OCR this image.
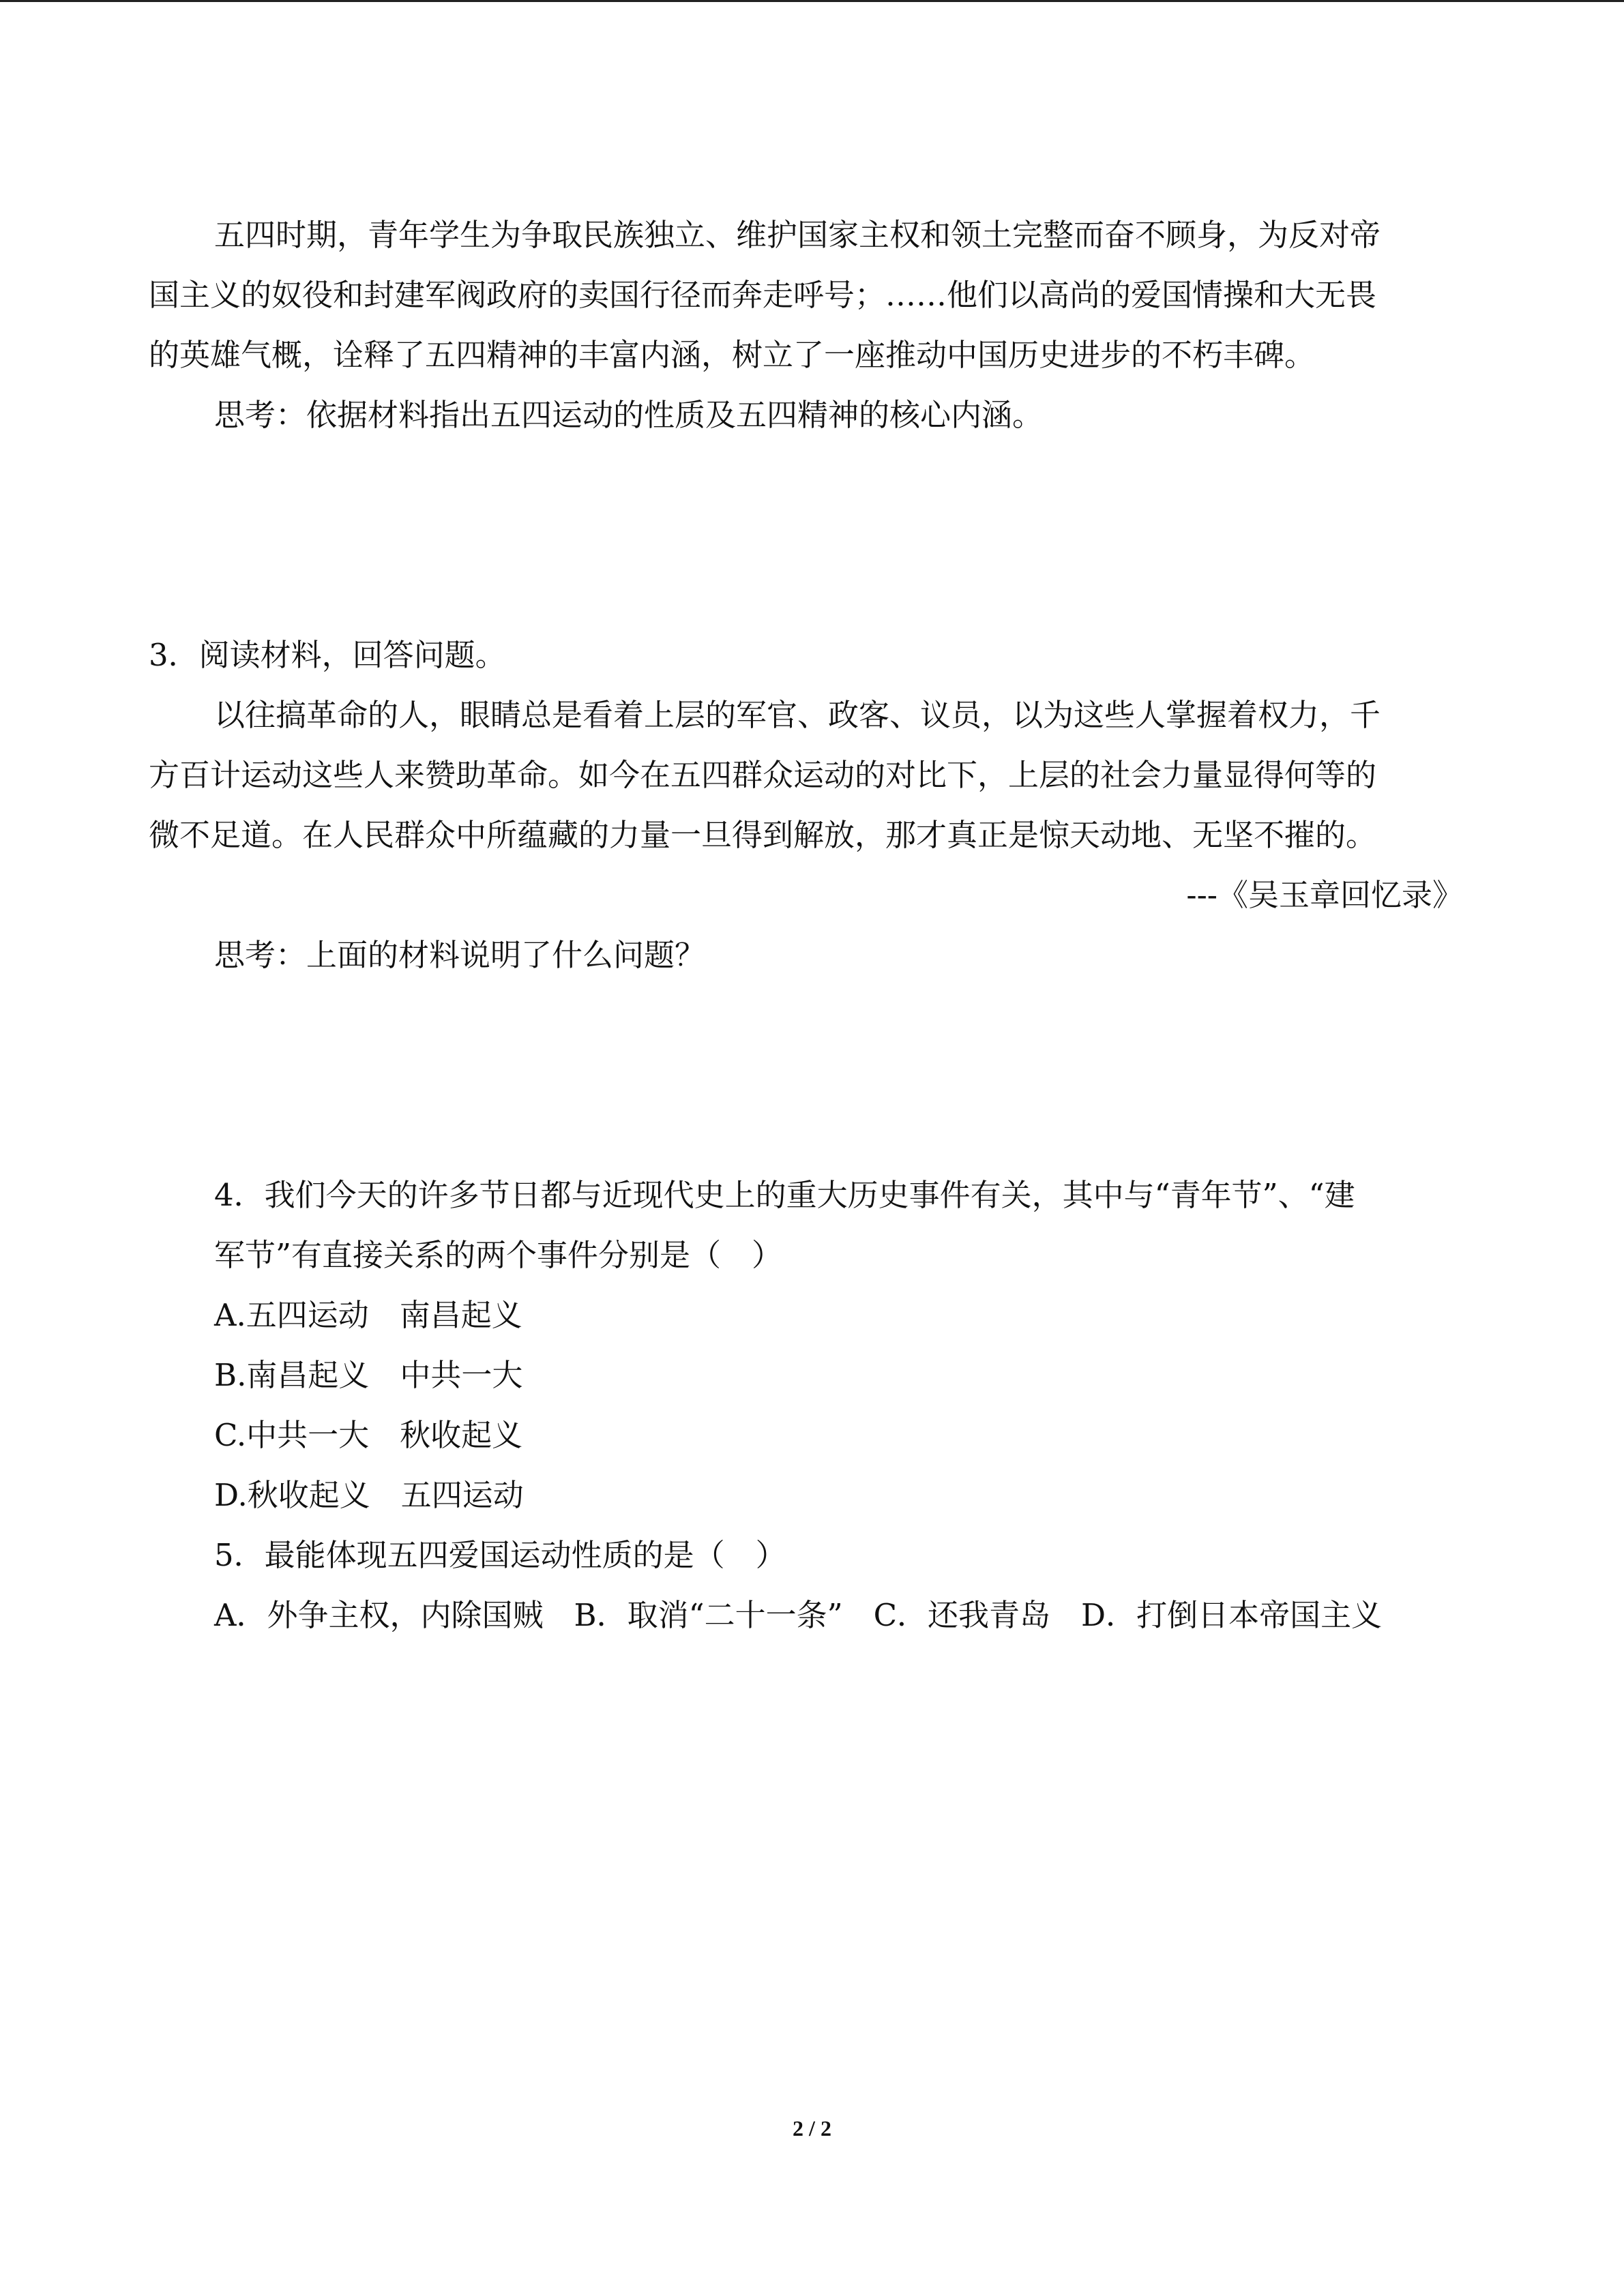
五四时期，青年学生为争取民族独立、维护国家主权和领土完整而奋不顾身，为反对帝
国主义的奴役和封建军阀政府的卖国行径而奔走呼号；……他们以高尚的爱国情操和大无畏
的英雄气概，诠释了五四精神的丰富内涵，树立了一座推动中国历史进步的不朽丰碑。
思考：依据材料指出五四运动的性质及五四精神的核心内涵。
3．阅读材料，回答问题。
以往搞革命的人，眼睛总是看着上层的军官、政客、议员，以为这些人掌握着权力，千
方百计运动这些人来赞助革命。如今在五四群众运动的对比下，上层的社会力量显得何等的
微不足道。在人民群众中所蕴藏的力量一旦得到解放，那才真正是惊天动地、无坚不摧的。
---《吴玉章回忆录》
思考：上面的材料说明了什么问题？
4．我们今天的许多节日都与近现代史上的重大历史事件有关，其中与“青年节”、“建
军节”有直接关系的两个事件分别是（　）
A.五四运动　南昌起义
B.南昌起义　中共一大
C.中共一大　秋收起义
D.秋收起义　五四运动
5．最能体现五四爱国运动性质的是（　）
A．外争主权，内除国贼　B．取消“二十一条”　C．还我青岛　D．打倒日本帝国主义
2 / 2
